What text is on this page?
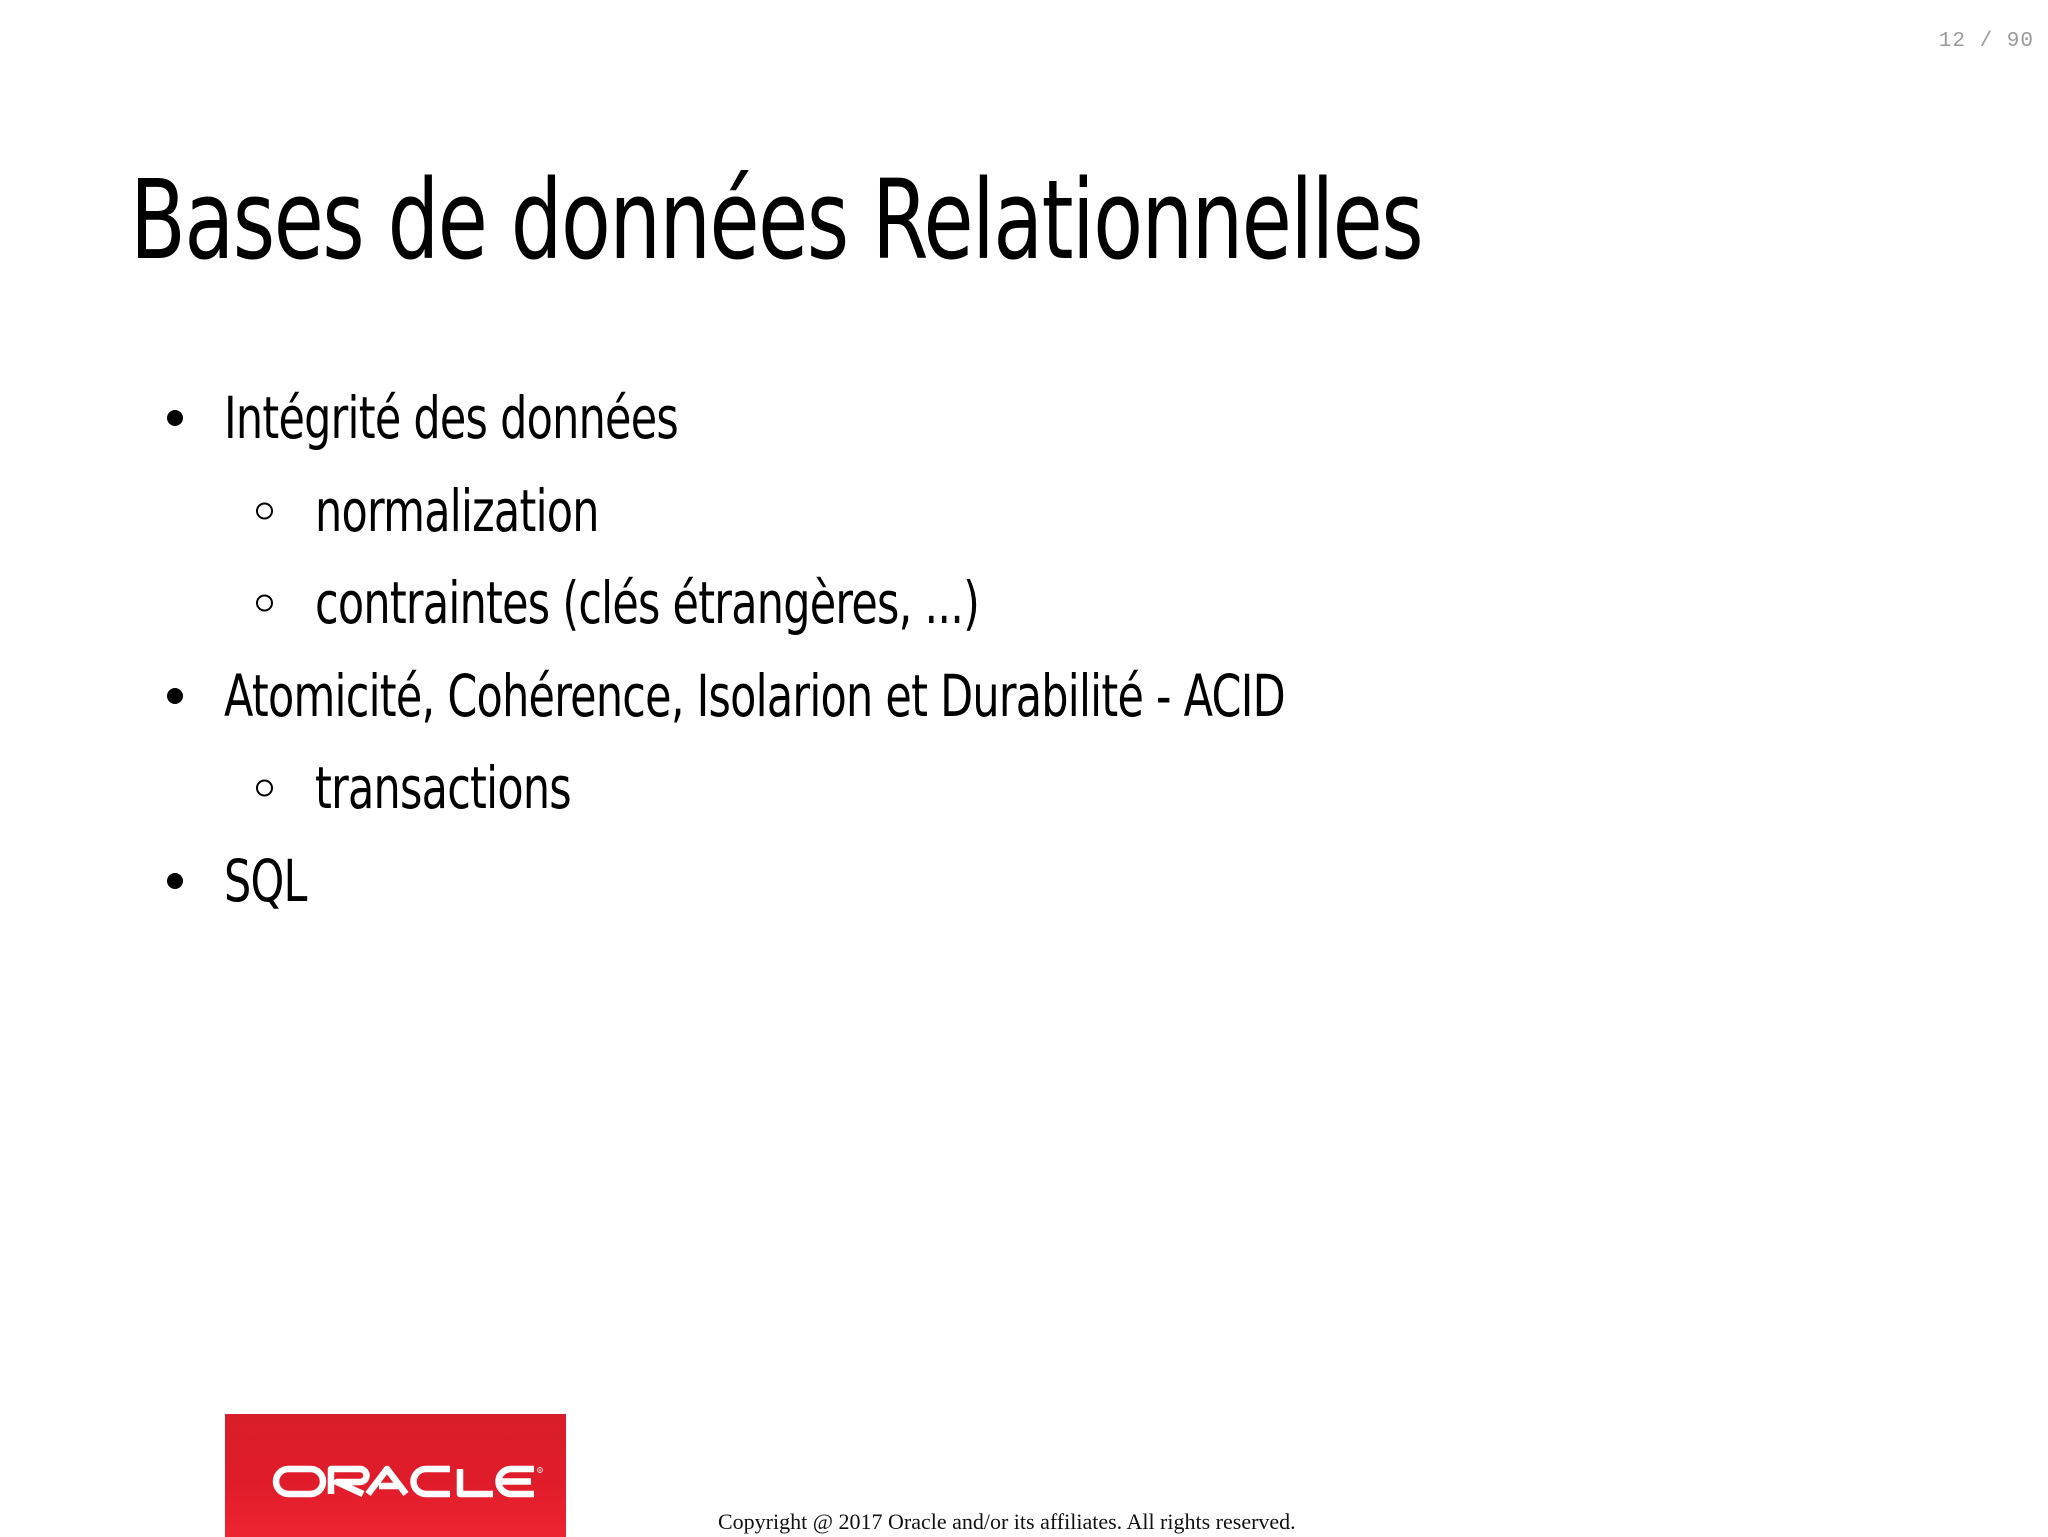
12 / 90
Bases de données Relationnelles
Intégrité des données
normalization
contraintes (clés étrangères, ...)
Atomicité, Cohérence, Isolarion et Durabilité - ACID
transactions
SQL
R
Copyright @ 2017 Oracle and/or its affiliates. All rights reserved.
